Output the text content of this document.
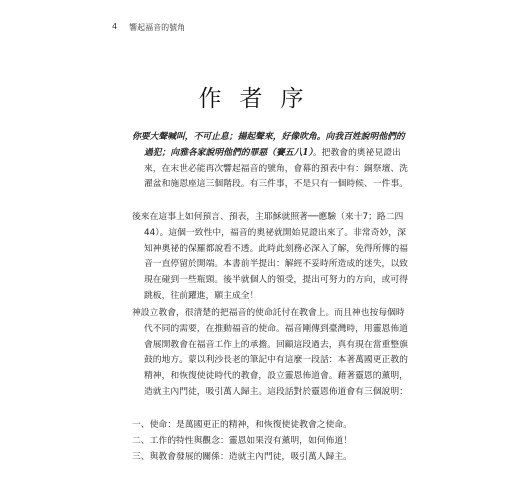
4 響起福音的號角
作者序

你要大聲喊叫，不可止息；揚起聲來，好像吹角。向我百姓說明他們的過犯；向雅各家說明他們的罪惡（賽五八1）。把教會的奧祕見證出來，在末世必能再次響起福音的號角，會幕的預表中有：銅祭壇、洗濯盆和施恩座這三個階段。有三件事，不是只有一個時候、一件事。

後來在這事上如何預言、預表，主耶穌就照著──應驗（來十7；路二四44）。這個一致性中，福音的奧祕就開始見證出來了。非常奇妙，深知神奧祕的保羅都說看不透。此時此刻務必深入了解，免得所傳的福音一直停留於開端。本書前半提出：解經不妥時所造成的迷失，以致現在碰到一些瓶頸。後半就個人的領受，提出可努力的方向，或可得跳板，往前躍進，願主成全！

神設立教會，很清楚的把福音的使命託付在教會上。而且神也按每個時代不同的需要，在推動福音的使命。福音剛傳到臺灣時，用靈恩佈道會展開教會在福音工作上的承擔。回顧這段過去，真有現在當重整旗鼓的地方。蒙以利沙長老的筆記中有這麼一段話：本著萬國更正教的精神，和恢復使徒時代的教會，設立靈恩佈道會。藉著靈恩的薰明，造就主內門徒，吸引萬人歸主。這段話對於靈恩佈道會有三個說明：

一、使命：是萬國更正的精神，和恢復使徒教會之使命。

二、工作的特性與觀念：靈恩如果沒有薰明，如何佈道！

三、與教會發展的關係：造就主內門徒，吸引萬人歸主。
